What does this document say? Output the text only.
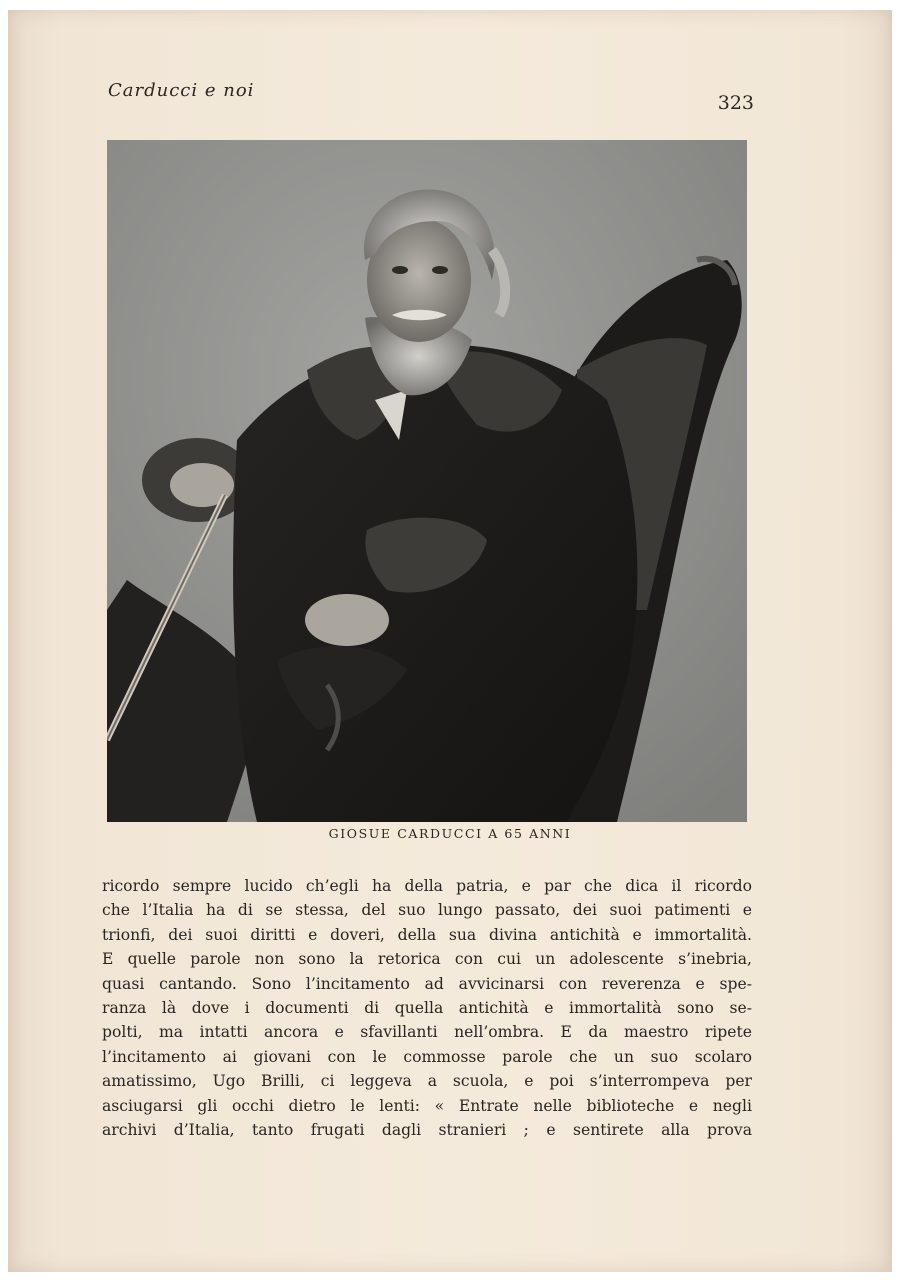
Carducci e noi
323
GIOSUE CARDUCCI A 65 ANNI
ricordo sempre lucido ch’egli ha della patria, e par che dica il ricordo
che l’Italia ha di se stessa, del suo lungo passato, dei suoi patimenti e
trionfi, dei suoi diritti e doveri, della sua divina antichità e immortalità.
E quelle parole non sono la retorica con cui un adolescente s’inebria,
quasi cantando. Sono l’incitamento ad avvicinarsi con reverenza e spe-
ranza là dove i documenti di quella antichità e immortalità sono se-
polti, ma intatti ancora e sfavillanti nell’ombra. E da maestro ripete
l’incitamento ai giovani con le commosse parole che un suo scolaro
amatissimo, Ugo Brilli, ci leggeva a scuola, e poi s’interrompeva per
asciugarsi gli occhi dietro le lenti: « Entrate nelle biblioteche e negli
archivi d’Italia, tanto frugati dagli stranieri ; e sentirete alla prova
